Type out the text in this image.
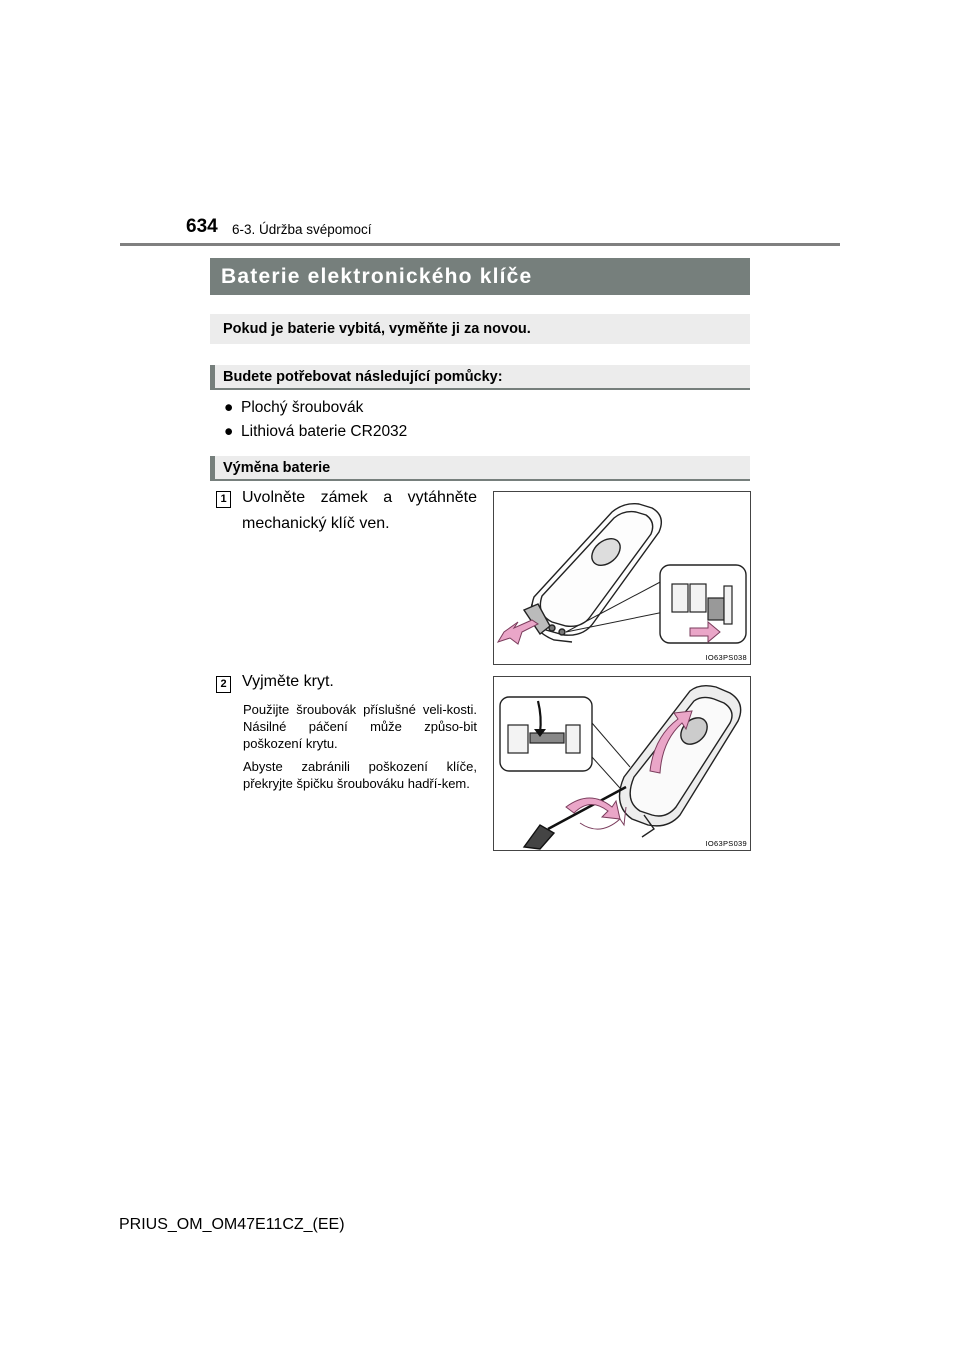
634 6-3. Údržba svépomocí
Baterie elektronického klíče
Pokud je baterie vybitá, vyměňte ji za novou.
Budete potřebovat následující pomůcky:
● Plochý šroubovák
● Lithiová baterie CR2032
Výměna baterie
1 Uvolněte zámek a vytáhněte
mechanický klíč ven.
IO63PS038
2 Vyjměte kryt.
Použijte šroubovák příslušné veli-kosti. Násilné páčení může způso-bit poškození krytu.
Abyste zabránili poškození klíče, překryjte špičku šroubováku hadří-kem.
IO63PS039
PRIUS_OM_OM47E11CZ_(EE)
